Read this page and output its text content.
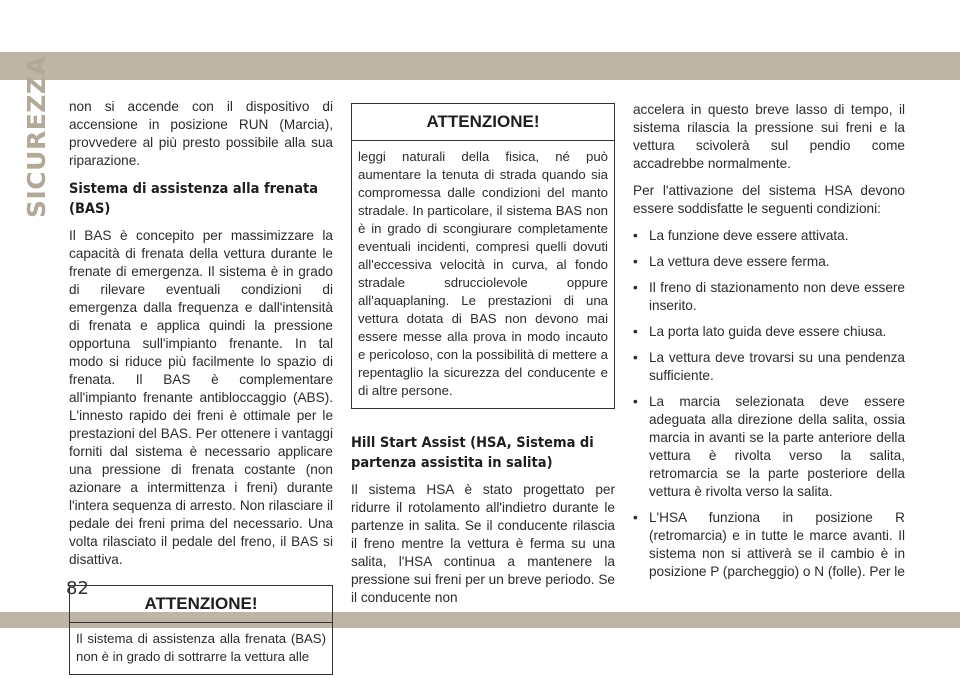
SICUREZZA non si accende con il dispositivo di accensione in posizione RUN (Marcia), provvedere al più presto possibile alla sua riparazione.

Sistema di assistenza alla frenata (BAS)

Il BAS è concepito per massimizzare la capacità di frenata della vettura durante le frenate di emergenza. Il sistema è in grado di rilevare eventuali condizioni di emergenza dalla frequenza e dall'intensità di frenata e applica quindi la pressione opportuna sull'impianto frenante. In tal modo si riduce più facilmente lo spazio di frenata. Il BAS è complementare all'impianto frenante antibloccaggio (ABS). L'innesto rapido dei freni è ottimale per le prestazioni del BAS. Per ottenere i vantaggi forniti dal sistema è necessario applicare una pressione di frenata costante (non azionare a intermittenza i freni) durante l'intera sequenza di arresto. Non rilasciare il pedale dei freni prima del necessario. Una volta rilasciato il pedale del freno, il BAS si disattiva.

ATTENZIONE!
Il sistema di assistenza alla frenata (BAS) non è in grado di sottrarre la vettura alle
ATTENZIONE!
leggi naturali della fisica, né può aumentare la tenuta di strada quando sia compromessa dalle condizioni del manto stradale. In particolare, il sistema BAS non è in grado di scongiurare completamente eventuali incidenti, compresi quelli dovuti all'eccessiva velocità in curva, al fondo stradale sdrucciolevole oppure all'aquaplaning. Le prestazioni di una vettura dotata di BAS non devono mai essere messe alla prova in modo incauto e pericoloso, con la possibilità di mettere a repentaglio la sicurezza del conducente e di altre persone.
Hill Start Assist (HSA, Sistema di partenza assistita in salita)

Il sistema HSA è stato progettato per ridurre il rotolamento all'indietro durante le partenze in salita. Se il conducente rilascia il freno mentre la vettura è ferma su una salita, l'HSA continua a mantenere la pressione sui freni per un breve periodo. Se il conducente non

accelera in questo breve lasso di tempo, il sistema rilascia la pressione sui freni e la vettura scivolerà sul pendio come accadrebbe normalmente.

Per l'attivazione del sistema HSA devono essere soddisfatte le seguenti condizioni:

• La funzione deve essere attivata.
• La vettura deve essere ferma.
• Il freno di stazionamento non deve essere inserito.
• La porta lato guida deve essere chiusa.
• La vettura deve trovarsi su una pendenza sufficiente.
• La marcia selezionata deve essere adeguata alla direzione della salita, ossia marcia in avanti se la parte anteriore della vettura è rivolta verso la salita, retromarcia se la parte posteriore della vettura è rivolta verso la salita.
• L'HSA funziona in posizione R (retromarcia) e in tutte le marce avanti. Il sistema non si attiverà se il cambio è in posizione P (parcheggio) o N (folle). Per le
82
